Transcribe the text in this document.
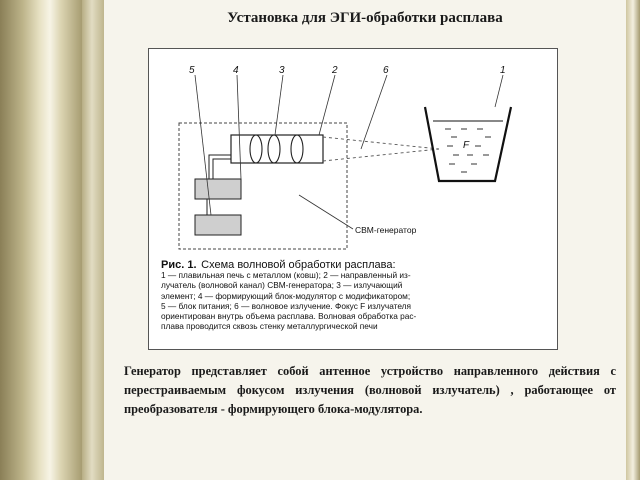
Установка для ЭГИ-обработки расплава
F
5	4	3	2	6	1
СВМ-генератор
Рис. 1. Схема волновой обработки расплава:
1 — плавильная печь с металлом (ковш); 2 — направленный из-
лучатель (волновой канал) СВМ-генератора; 3 — излучающий
элемент; 4 — формирующий блок-модулятор с модификатором;
5 — блок питания; 6 — волновое излучение. Фокус F излучателя
ориентирован внутрь объема расплава. Волновая обработка рас-
плава проводится сквозь стенку металлургической печи
Генератор представляет собой антенное устройство направленного действия с перестраиваемым фокусом излучения (волновой излучатель) , работающее от преобразователя - формирующего блока-модулятора.
